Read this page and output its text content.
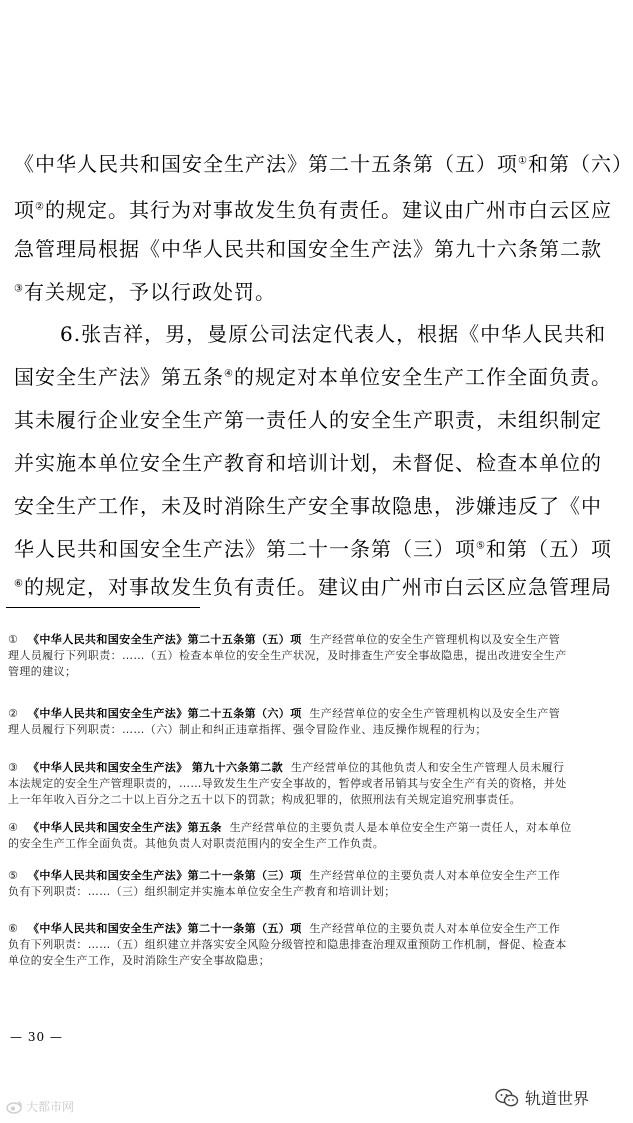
《中华人民共和国安全生产法》第二十五条第（五）项①和第（六）
项②的规定。其行为对事故发生负有责任。建议由广州市白云区应
急管理局根据《中华人民共和国安全生产法》第九十六条第二款
③有关规定，予以行政处罚。
6.张吉祥，男，曼原公司法定代表人，根据《中华人民共和
国安全生产法》第五条④的规定对本单位安全生产工作全面负责。
其未履行企业安全生产第一责任人的安全生产职责，未组织制定
并实施本单位安全生产教育和培训计划，未督促、检查本单位的
安全生产工作，未及时消除生产安全事故隐患，涉嫌违反了《中
华人民共和国安全生产法》第二十一条第（三）项⑤和第（五）项
⑥的规定，对事故发生负有责任。建议由广州市白云区应急管理局
① 《中华人民共和国安全生产法》第二十五条第（五）项 生产经营单位的安全生产管理机构以及安全生产管
理人员履行下列职责：……（五）检查本单位的安全生产状况，及时排查生产安全事故隐患，提出改进安全生产
管理的建议；
② 《中华人民共和国安全生产法》第二十五条第（六）项 生产经营单位的安全生产管理机构以及安全生产管
理人员履行下列职责：……（六）制止和纠正违章指挥、强令冒险作业、违反操作规程的行为；
③ 《中华人民共和国安全生产法》 第九十六条第二款 生产经营单位的其他负责人和安全生产管理人员未履行
本法规定的安全生产管理职责的，……导致发生生产安全事故的，暂停或者吊销其与安全生产有关的资格，并处
上一年年收入百分之二十以上百分之五十以下的罚款；构成犯罪的，依照刑法有关规定追究刑事责任。
④ 《中华人民共和国安全生产法》第五条 生产经营单位的主要负责人是本单位安全生产第一责任人，对本单位
的安全生产工作全面负责。其他负责人对职责范围内的安全生产工作负责。
⑤ 《中华人民共和国安全生产法》第二十一条第（三）项 生产经营单位的主要负责人对本单位安全生产工作
负有下列职责：……（三）组织制定并实施本单位安全生产教育和培训计划；
⑥ 《中华人民共和国安全生产法》第二十一条第（五）项 生产经营单位的主要负责人对本单位安全生产工作
负有下列职责：……（五）组织建立并落实安全风险分级管控和隐患排查治理双重预防工作机制，督促、检查本
单位的安全生产工作，及时消除生产安全事故隐患；
— 30 —
大都市网	轨道世界
